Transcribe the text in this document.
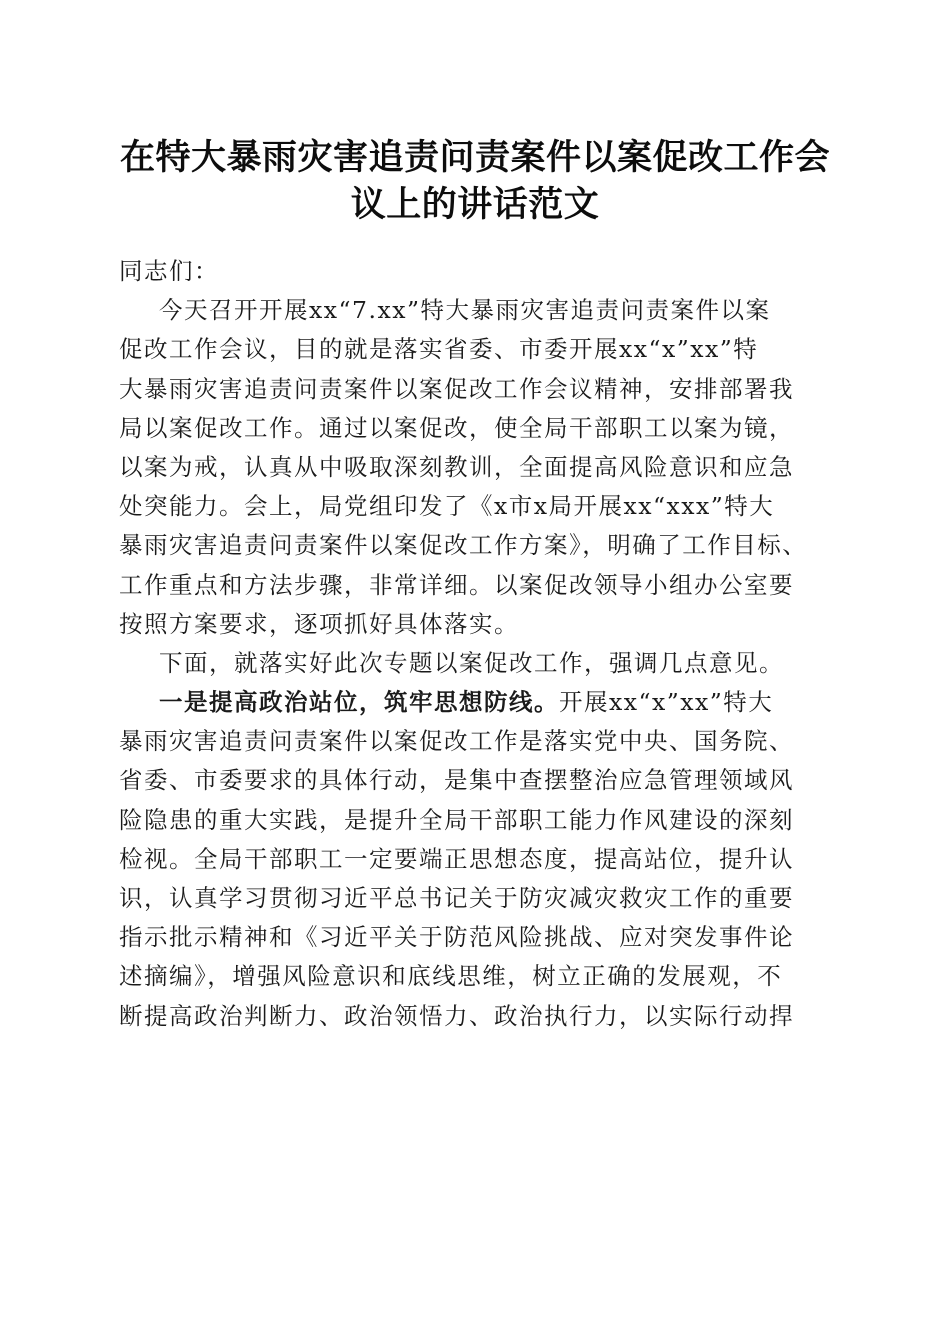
在特大暴雨灾害追责问责案件以案促改工作会
议上的讲话范文
同志们：
今天召开开展xx“7.xx”特大暴雨灾害追责问责案件以案
促改工作会议，目的就是落实省委、市委开展xx“x”xx”特
大暴雨灾害追责问责案件以案促改工作会议精神，安排部署我
局以案促改工作。通过以案促改，使全局干部职工以案为镜，
以案为戒，认真从中吸取深刻教训，全面提高风险意识和应急
处突能力。会上，局党组印发了《x市x局开展xx“xxx”特大
暴雨灾害追责问责案件以案促改工作方案》，明确了工作目标、
工作重点和方法步骤，非常详细。以案促改领导小组办公室要
按照方案要求，逐项抓好具体落实。
下面，就落实好此次专题以案促改工作，强调几点意见。
一是提高政治站位，筑牢思想防线。开展xx“x”xx”特大
暴雨灾害追责问责案件以案促改工作是落实党中央、国务院、
省委、市委要求的具体行动，是集中查摆整治应急管理领域风
险隐患的重大实践，是提升全局干部职工能力作风建设的深刻
检视。全局干部职工一定要端正思想态度，提高站位，提升认
识，认真学习贯彻习近平总书记关于防灾减灾救灾工作的重要
指示批示精神和《习近平关于防范风险挑战、应对突发事件论
述摘编》，增强风险意识和底线思维，树立正确的发展观，不
断提高政治判断力、政治领悟力、政治执行力，以实际行动捍
